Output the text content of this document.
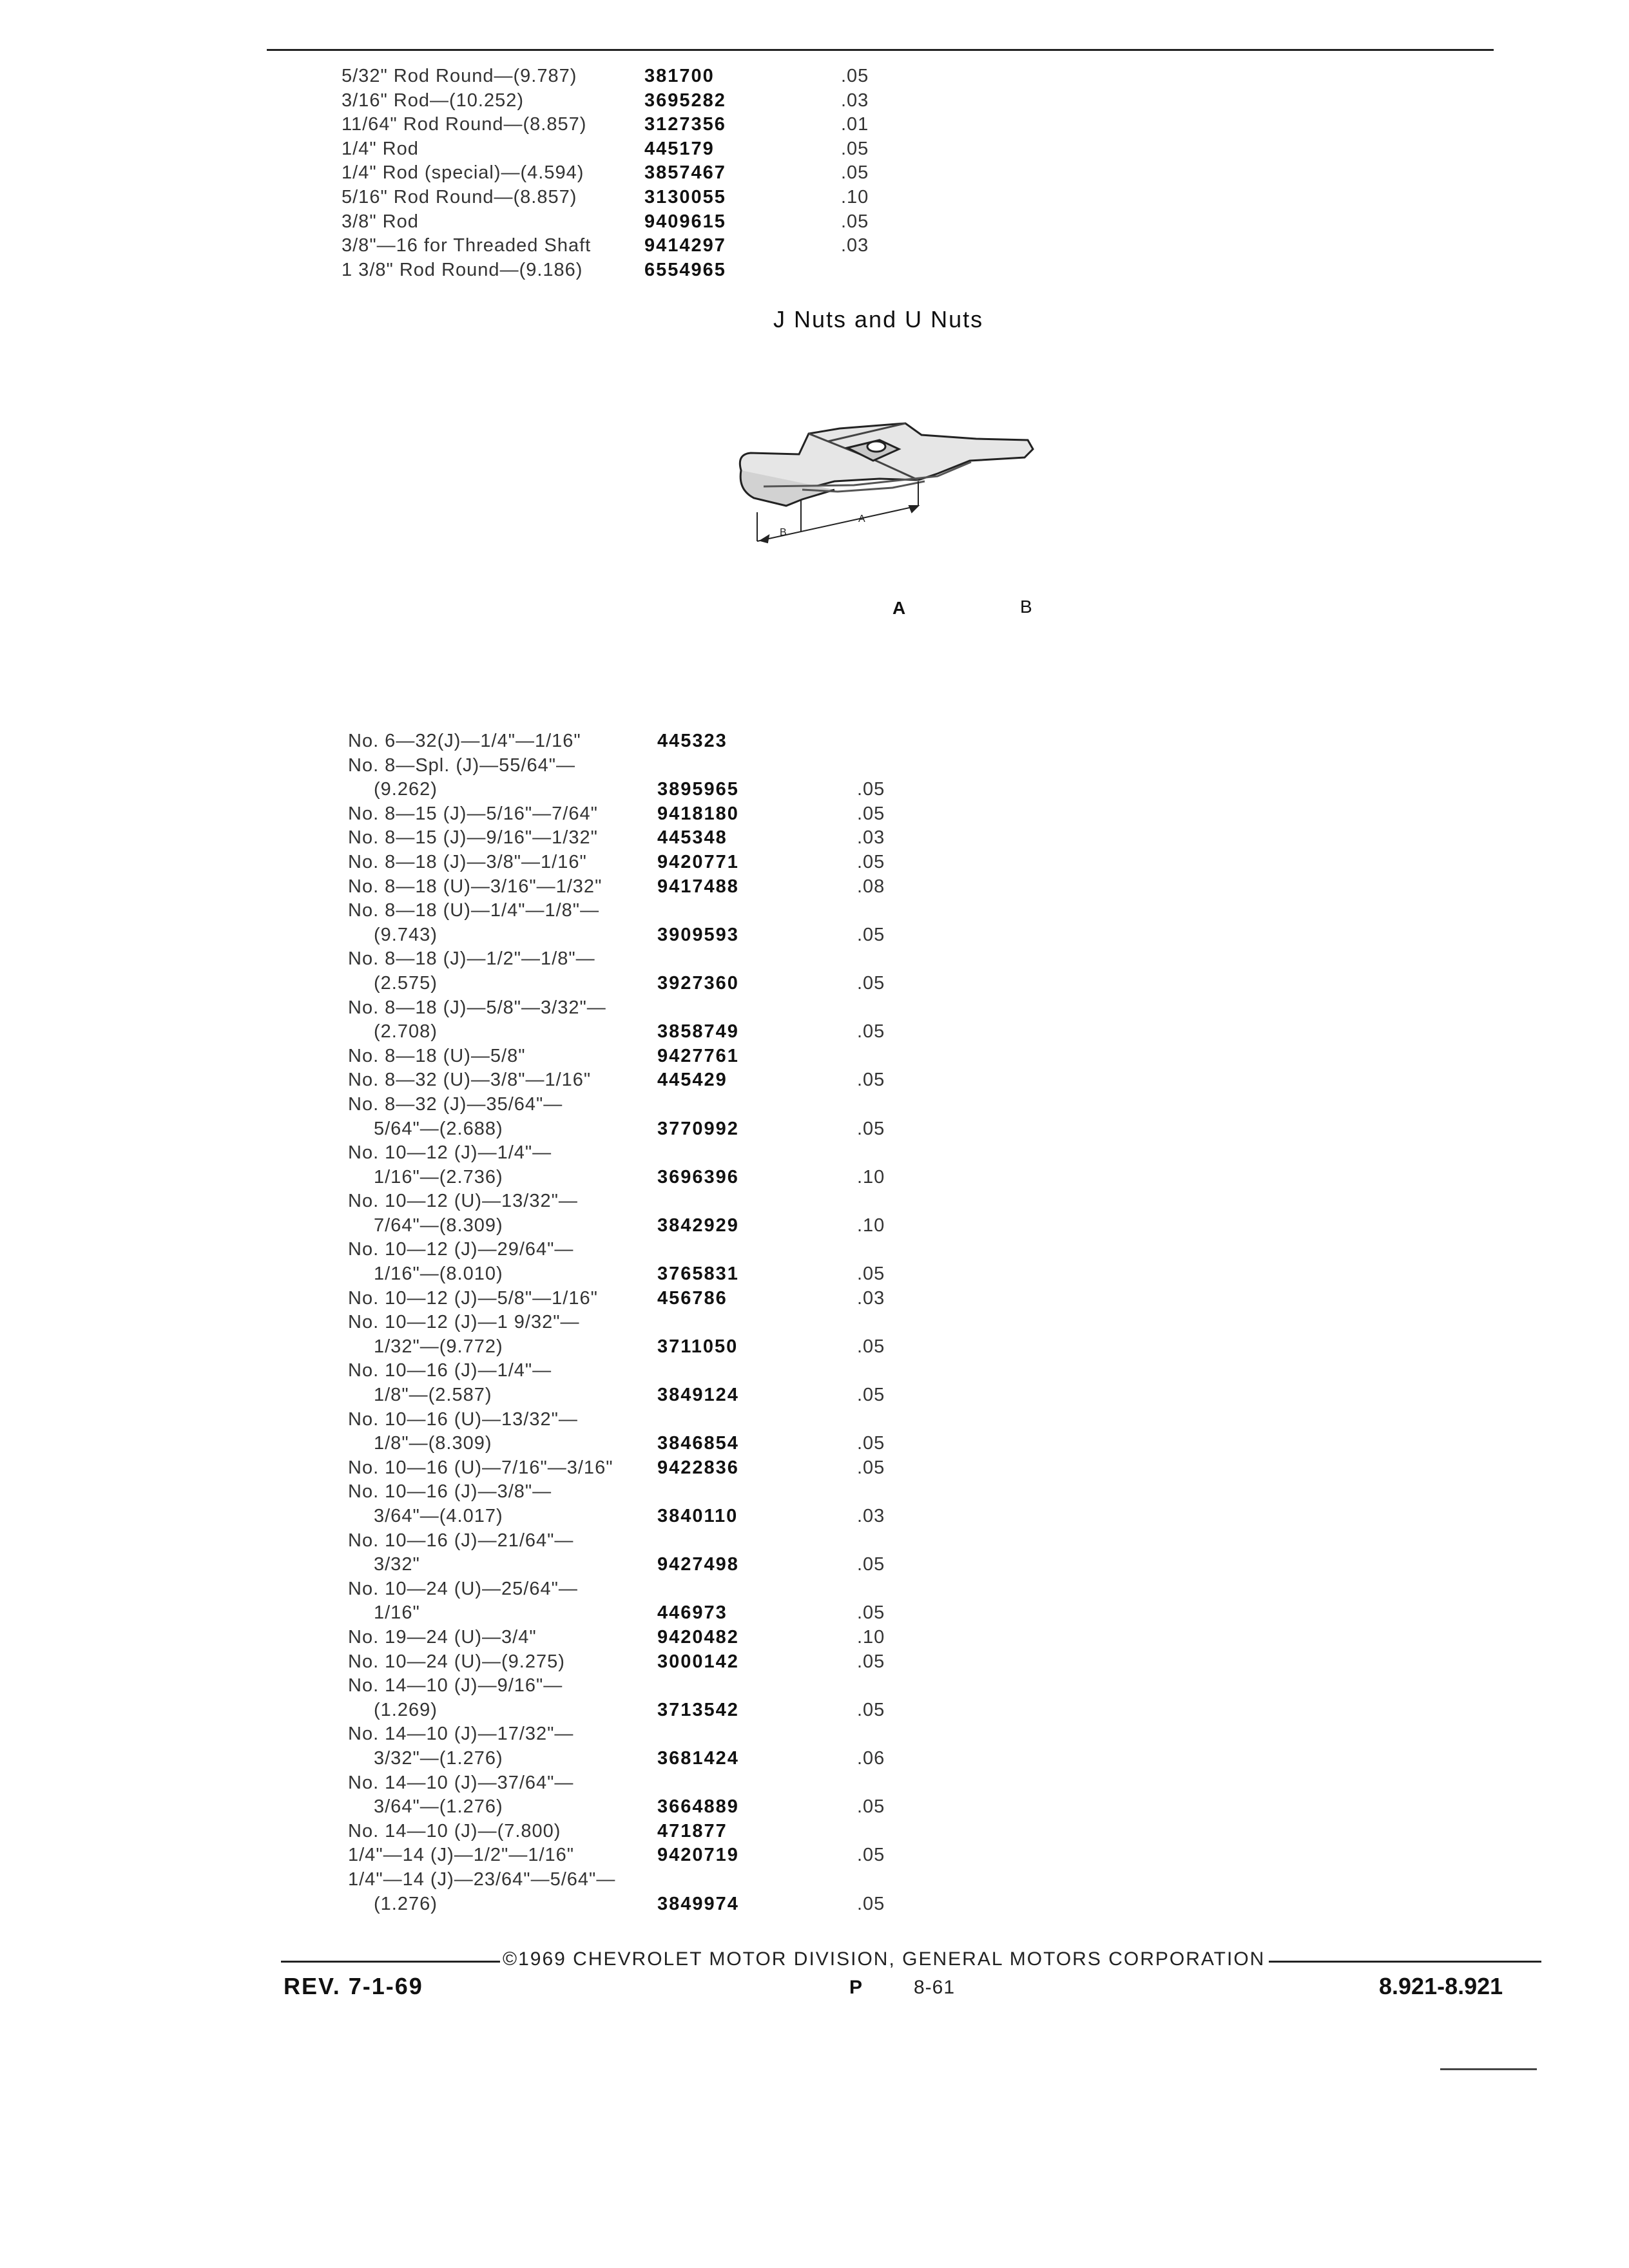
5/32" Rod Round—(9.787)	381700	.05
3/16" Rod—(10.252)	3695282	.03
11/64" Rod Round—(8.857)	3127356	.01
1/4" Rod	445179	.05
1/4" Rod (special)—(4.594)	3857467	.05
5/16" Rod Round—(8.857)	3130055	.10
3/8" Rod	9409615	.05
3/8"—16 for Threaded Shaft	9414297	.03
1 3/8" Rod Round—(9.186)	6554965
J Nuts and U Nuts
B
A
A	B
No. 6—32(J)—1/4"—1/16"	445323
No. 8—Spl. (J)—55/64"—
(9.262)	3895965	.05
No. 8—15 (J)—5/16"—7/64"	9418180	.05
No. 8—15 (J)—9/16"—1/32"	445348	.03
No. 8—18 (J)—3/8"—1/16"	9420771	.05
No. 8—18 (U)—3/16"—1/32"	9417488	.08
No. 8—18 (U)—1/4"—1/8"—
(9.743)	3909593	.05
No. 8—18 (J)—1/2"—1/8"—
(2.575)	3927360	.05
No. 8—18 (J)—5/8"—3/32"—
(2.708)	3858749	.05
No. 8—18 (U)—5/8"	9427761
No. 8—32 (U)—3/8"—1/16"	445429	.05
No. 8—32 (J)—35/64"—
5/64"—(2.688)	3770992	.05
No. 10—12 (J)—1/4"—
1/16"—(2.736)	3696396	.10
No. 10—12 (U)—13/32"—
7/64"—(8.309)	3842929	.10
No. 10—12 (J)—29/64"—
1/16"—(8.010)	3765831	.05
No. 10—12 (J)—5/8"—1/16"	456786	.03
No. 10—12 (J)—1 9/32"—
1/32"—(9.772)	3711050	.05
No. 10—16 (J)—1/4"—
1/8"—(2.587)	3849124	.05
No. 10—16 (U)—13/32"—
1/8"—(8.309)	3846854	.05
No. 10—16 (U)—7/16"—3/16" 9422836	.05
No. 10—16 (J)—3/8"—
3/64"—(4.017)	3840110	.03
No. 10—16 (J)—21/64"—
3/32"	9427498	.05
No. 10—24 (U)—25/64"—
1/16"	446973	.05
No. 19—24 (U)—3/4"	9420482	.10
No. 10—24 (U)—(9.275)	3000142	.05
No. 14—10 (J)—9/16"—
(1.269)	3713542	.05
No. 14—10 (J)—17/32"—
3/32"—(1.276)	3681424	.06
No. 14—10 (J)—37/64"—
3/64"—(1.276)	3664889	.05
No. 14—10 (J)—(7.800)	471877
1/4"—14 (J)—1/2"—1/16"	9420719	.05
1/4"—14 (J)—23/64"—5/64"—
(1.276)	3849974	.05
©1969 CHEVROLET MOTOR DIVISION, GENERAL MOTORS CORPORATION
REV. 7-1-69	P	8-61	8.921-8.921
